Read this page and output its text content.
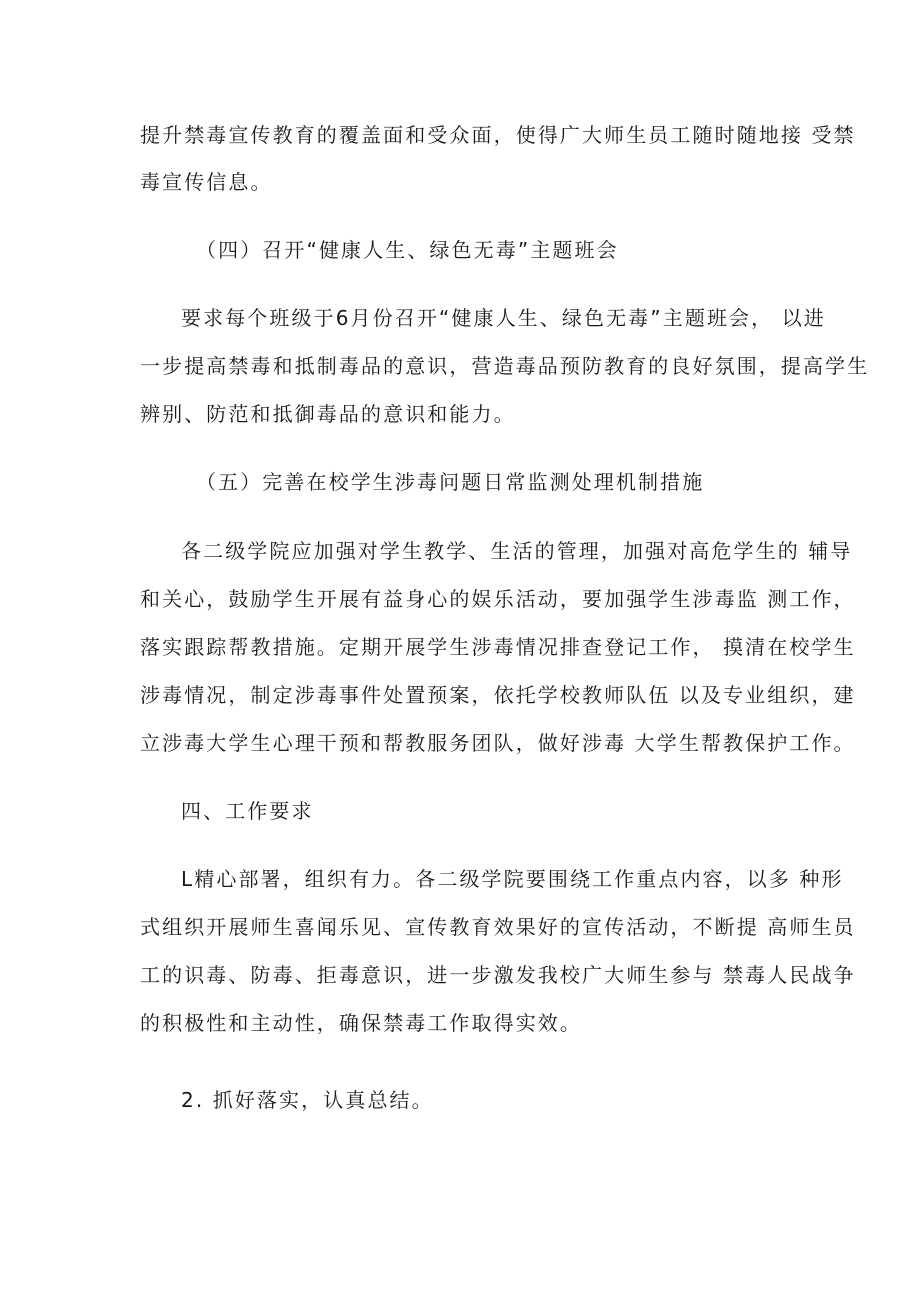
提升禁毒宣传教育的覆盖面和受众面，使得广大师生员工随时随地接 受禁
毒宣传信息。
（四）召开“健康人生、绿色无毒”主题班会
要求每个班级于6月份召开“健康人生、绿色无毒”主题班会， 以进
一步提高禁毒和抵制毒品的意识，营造毒品预防教育的良好氛围，提高学生
辨别、防范和抵御毒品的意识和能力。
（五）完善在校学生涉毒问题日常监测处理机制措施
各二级学院应加强对学生教学、生活的管理，加强对高危学生的 辅导
和关心，鼓励学生开展有益身心的娱乐活动，要加强学生涉毒监 测工作，
落实跟踪帮教措施。定期开展学生涉毒情况排查登记工作， 摸清在校学生
涉毒情况，制定涉毒事件处置预案，依托学校教师队伍 以及专业组织，建
立涉毒大学生心理干预和帮教服务团队，做好涉毒 大学生帮教保护工作。
四、工作要求
L精心部署，组织有力。各二级学院要围绕工作重点内容，以多 种形
式组织开展师生喜闻乐见、宣传教育效果好的宣传活动，不断提 高师生员
工的识毒、防毒、拒毒意识，进一步激发我校广大师生参与 禁毒人民战争
的积极性和主动性，确保禁毒工作取得实效。
2. 抓好落实，认真总结。
